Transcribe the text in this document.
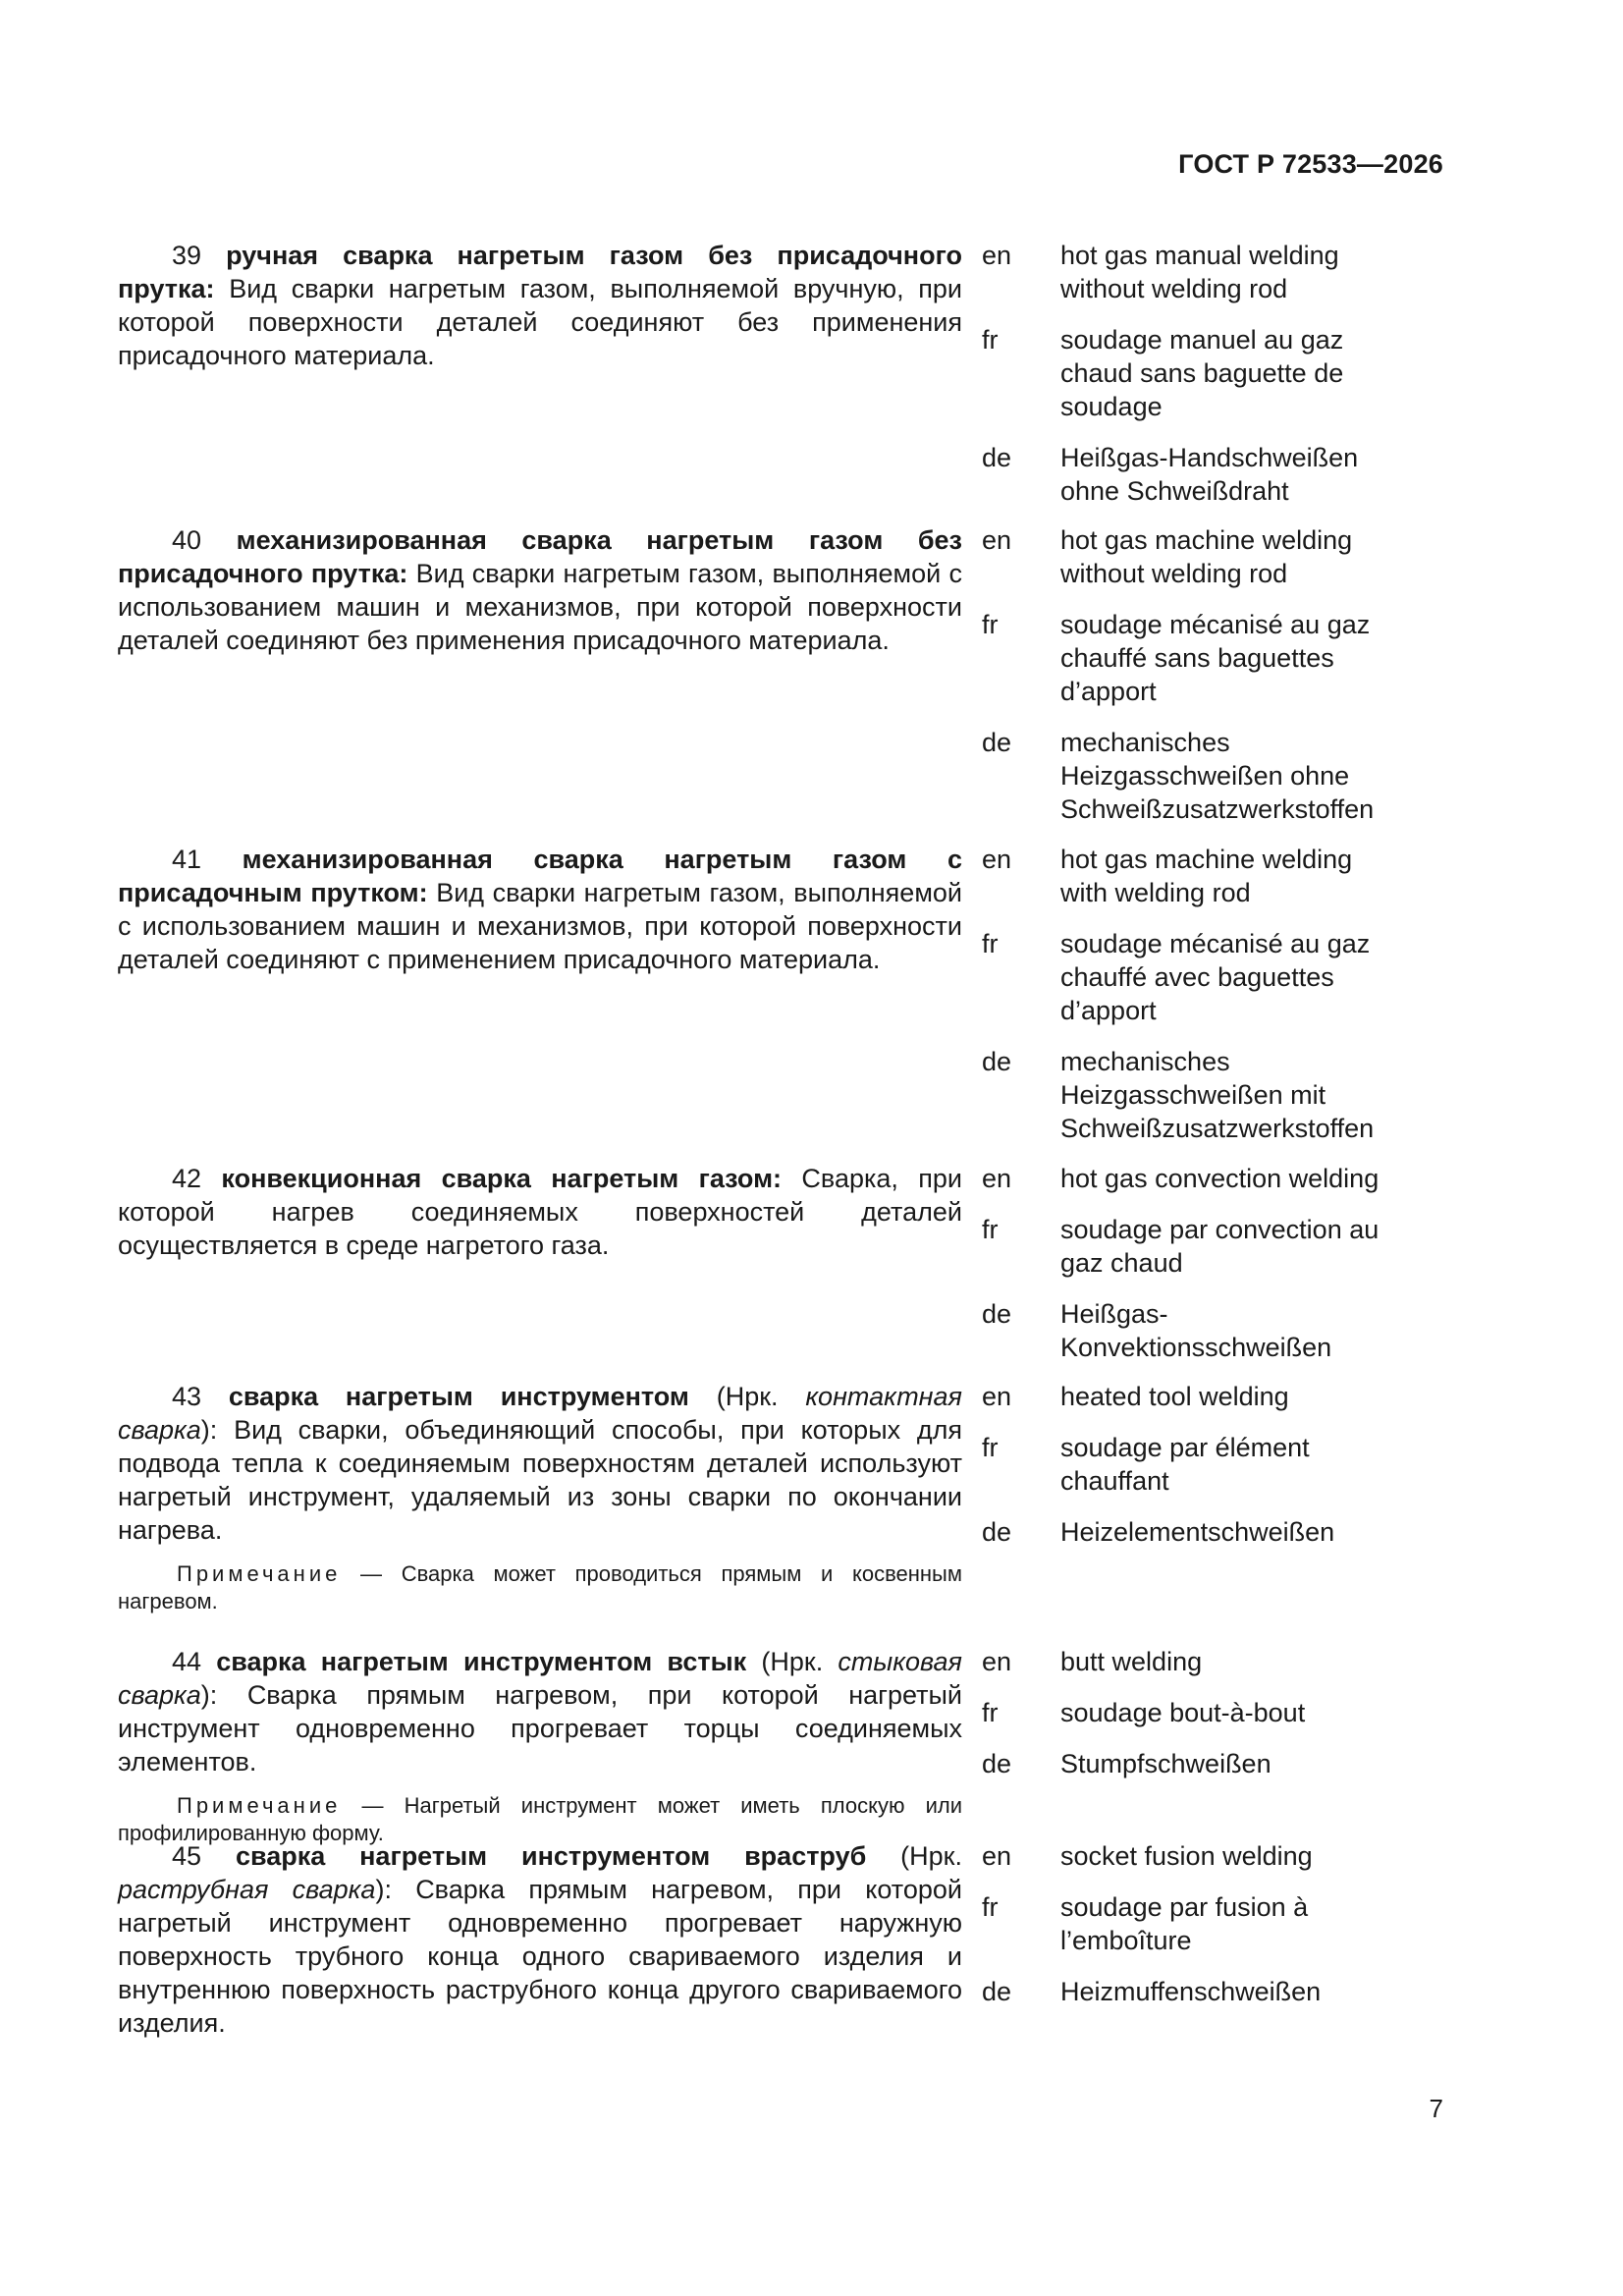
ГОСТ Р 72533—2026
39 ручная сварка нагретым газом без присадочного прутка: Вид сварки нагретым газом, выполняемой вручную, при которой поверхности деталей соединяют без применения присадочного материала.
en	hot gas manual welding without welding rod
fr	soudage manuel au gaz chaud sans baguette de soudage
de	Heißgas-Handschweißen ohne Schweißdraht
40 механизированная сварка нагретым газом без присадочного прутка: Вид сварки нагретым газом, выполняемой с использованием машин и механизмов, при которой поверхности деталей соединяют без применения присадочного материала.
en	hot gas machine welding without welding rod
fr	soudage mécanisé au gaz chauffé sans baguettes d’apport
de	mechanisches Heizgasschweißen ohne Schweißzusatzwerkstoffen
41 механизированная сварка нагретым газом с присадочным прутком: Вид сварки нагретым газом, выполняемой с использованием машин и механизмов, при которой поверхности деталей соединяют с применением присадочного материала.
en	hot gas machine welding with welding rod
fr	soudage mécanisé au gaz chauffé avec baguettes d’apport
de	mechanisches Heizgasschweißen mit Schweißzusatzwerkstoffen
42 конвекционная сварка нагретым газом: Сварка, при которой нагрев соединяемых поверхностей деталей осуществляется в среде нагретого газа.
en	hot gas convection welding
fr	soudage par convection au gaz chaud
de	Heißgas-Konvektionsschweißen
43 сварка нагретым инструментом (Нрк. контактная сварка): Вид сварки, объединяющий способы, при которых для подвода тепла к соединяемым поверхностям деталей используют нагретый инструмент, удаляемый из зоны сварки по окончании нагрева.
Примечание — Сварка может проводиться прямым и косвенным нагревом.
en	heated tool welding
fr	soudage par élément chauffant
de	Heizelementschweißen
44 сварка нагретым инструментом встык (Нрк. стыковая сварка): Сварка прямым нагревом, при которой нагретый инструмент одновременно прогревает торцы соединяемых элементов.
Примечание — Нагретый инструмент может иметь плоскую или профилированную форму.
en	butt welding
fr	soudage bout-à-bout
de	Stumpfschweißen
45 сварка нагретым инструментом враструб (Нрк. раструбная сварка): Сварка прямым нагревом, при которой нагретый инструмент одновременно прогревает наружную поверхность трубного конца одного свариваемого изделия и внутреннюю поверхность раструбного конца другого свариваемого изделия.
en	socket fusion welding
fr	soudage par fusion à l’emboîture
de	Heizmuffenschweißen
7
